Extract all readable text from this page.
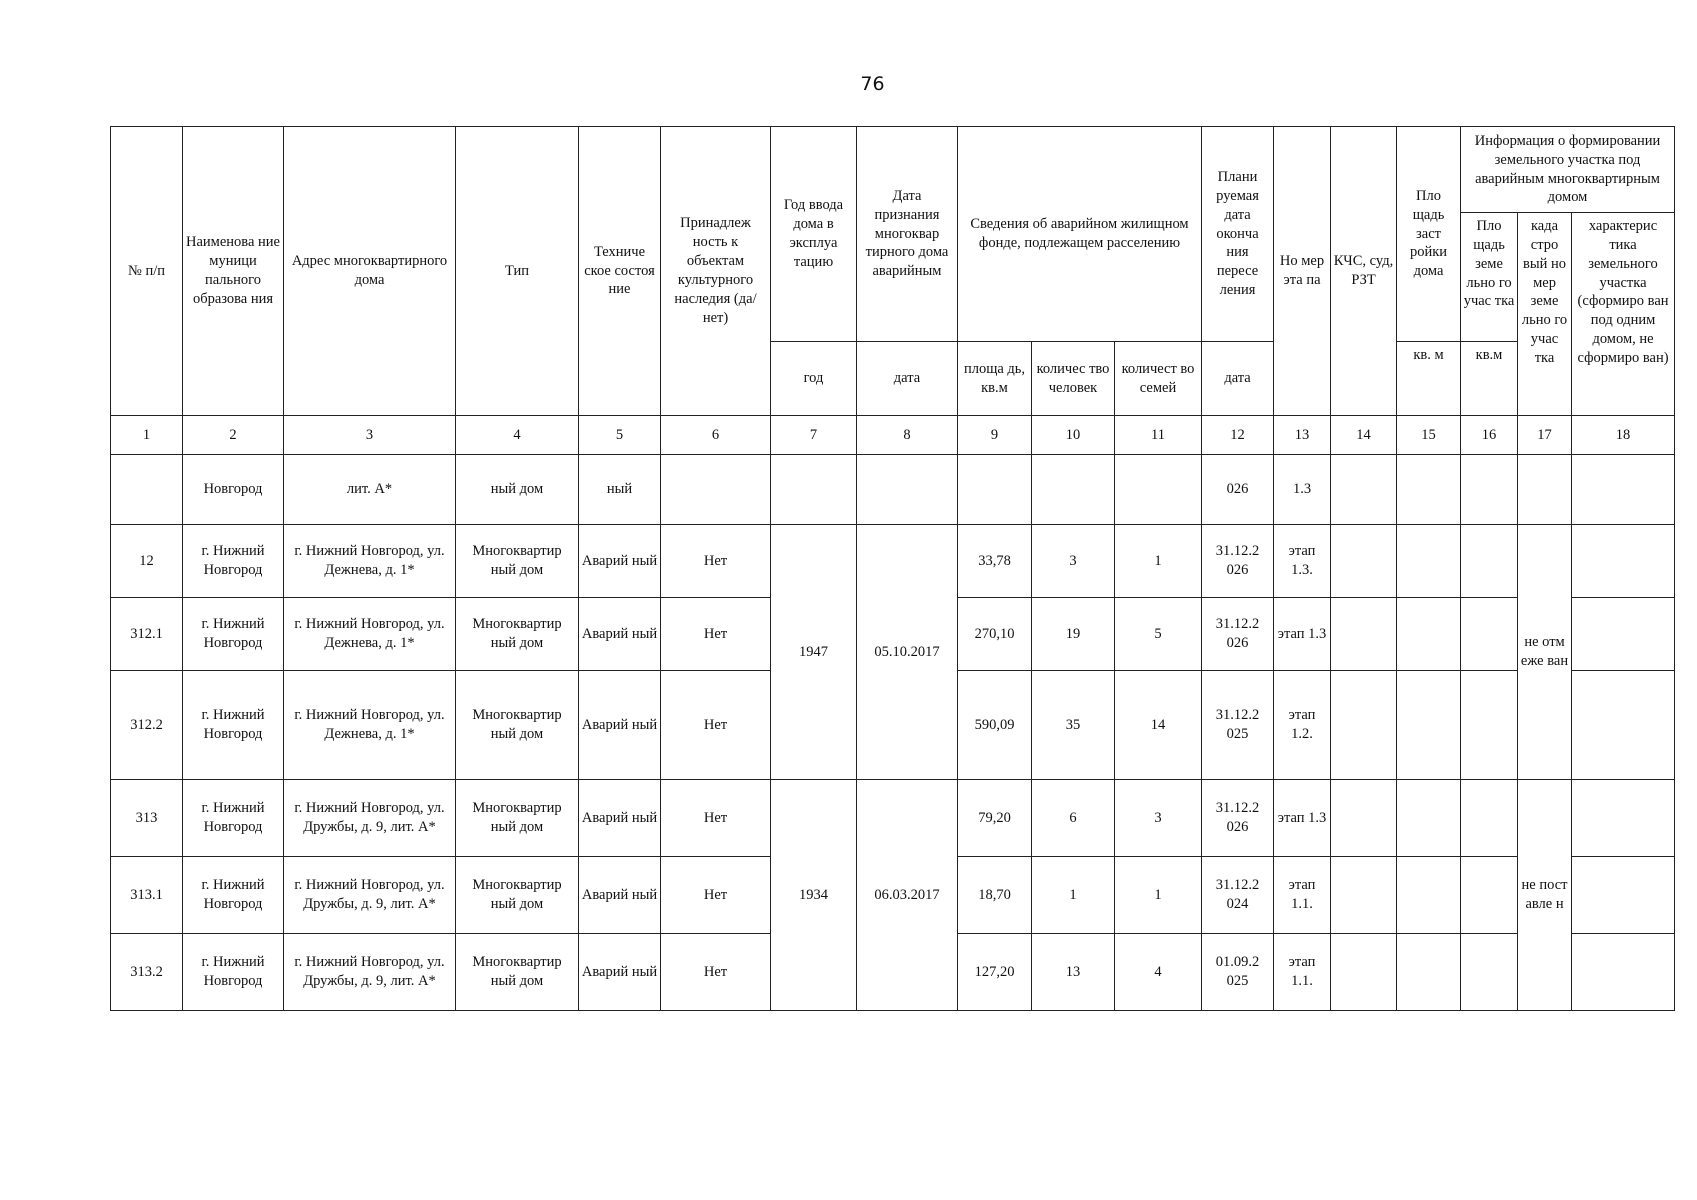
76
№ п/п	Наименова ние муници пального образова ния	Адрес многоквартирного дома	Тип	Техниче ское состоя ние	Принадлеж ность к объектам культурного наследия (да/нет)	Год ввода дома в эксплуа тацию	Дата признания многоквар тирного дома аварийным	Сведения об аварийном жилищном фонде, подлежащем расселению			Плани руемая дата оконча ния пересе ления	Но мер эта па	КЧС, суд, РЗТ	Пло щадь заст ройки дома	Информация о формировании земельного участка под аварийным многоквартирным домом		
															Пло щадь земе льно го учас тка	када стро вый но мер земе льно го учас тка	характерис тика земельного участка (сформиро ван под одним домом, не сформиро ван)
						год	дата	площа дь, кв.м	количес тво человек	количест во семей	дата			кв. м	кв.м		
1	2	3	4	5	6	7	8	9	10	11	12	13	14	15	16	17	18
	Новгород	лит. А*	ный дом	ный							026	1.3					
12	г. Нижний Новгород	г. Нижний Новгород, ул. Дежнева, д. 1*	Многоквартир ный дом	Аварий ный	Нет	1947	05.10.2017	33,78	3	1	31.12.2 026	этап 1.3.				не отм еже ван	
312.1	г. Нижний Новгород	г. Нижний Новгород, ул. Дежнева, д. 1*	Многоквартир ный дом	Аварий ный	Нет			270,10	19	5	31.12.2 026	этап 1.3					
312.2	г. Нижний Новгород	г. Нижний Новгород, ул. Дежнева, д. 1*	Многоквартир ный дом	Аварий ный	Нет			590,09	35	14	31.12.2 025	этап 1.2.					
313	г. Нижний Новгород	г. Нижний Новгород, ул. Дружбы, д. 9, лит. А*	Многоквартир ный дом	Аварий ный	Нет	1934	06.03.2017	79,20	6	3	31.12.2 026	этап 1.3				не пост авле н	
313.1	г. Нижний Новгород	г. Нижний Новгород, ул. Дружбы, д. 9, лит. А*	Многоквартир ный дом	Аварий ный	Нет			18,70	1	1	31.12.2 024	этап 1.1.					
313.2	г. Нижний Новгород	г. Нижний Новгород, ул. Дружбы, д. 9, лит. А*	Многоквартир ный дом	Аварий ный	Нет			127,20	13	4	01.09.2 025	этап 1.1.					
